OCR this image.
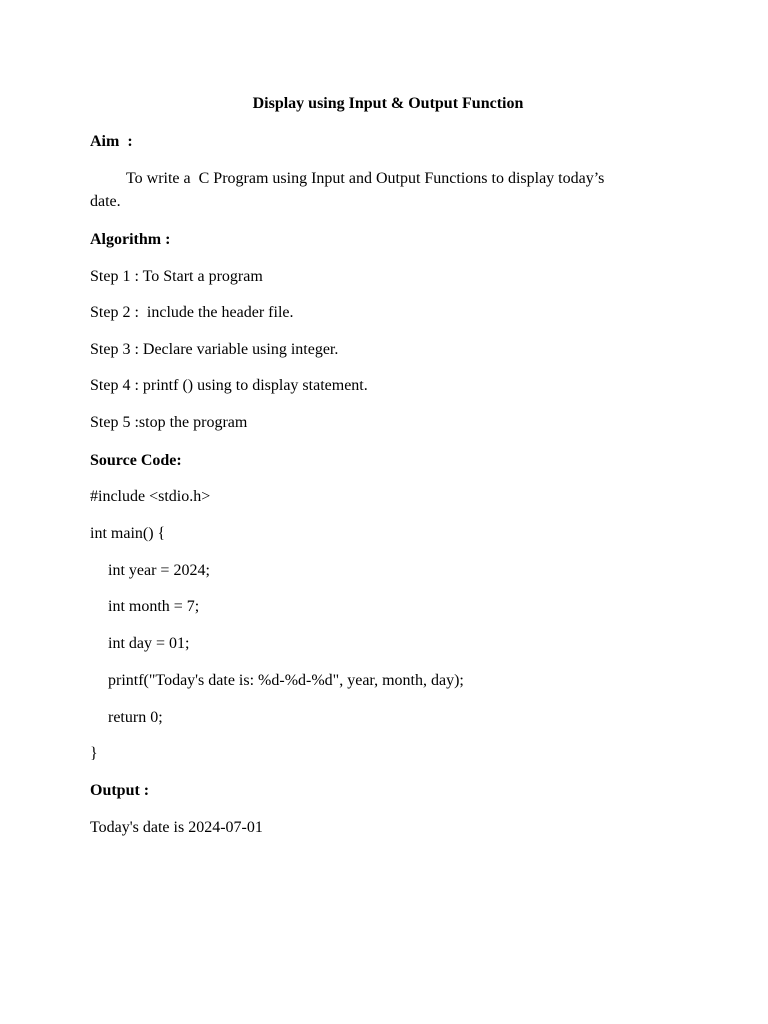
Display using Input & Output Function
Aim  :
To write a  C Program using Input and Output Functions to display today’s
date.
Algorithm :
Step 1 : To Start a program
Step 2 :  include the header file.
Step 3 : Declare variable using integer.
Step 4 : printf () using to display statement.
Step 5 :stop the program
Source Code:
#include <stdio.h>
int main() {
int year = 2024;
int month = 7;
int day = 01;
printf("Today's date is: %d-%d-%d", year, month, day);
return 0;
}
Output :
Today's date is 2024-07-01
